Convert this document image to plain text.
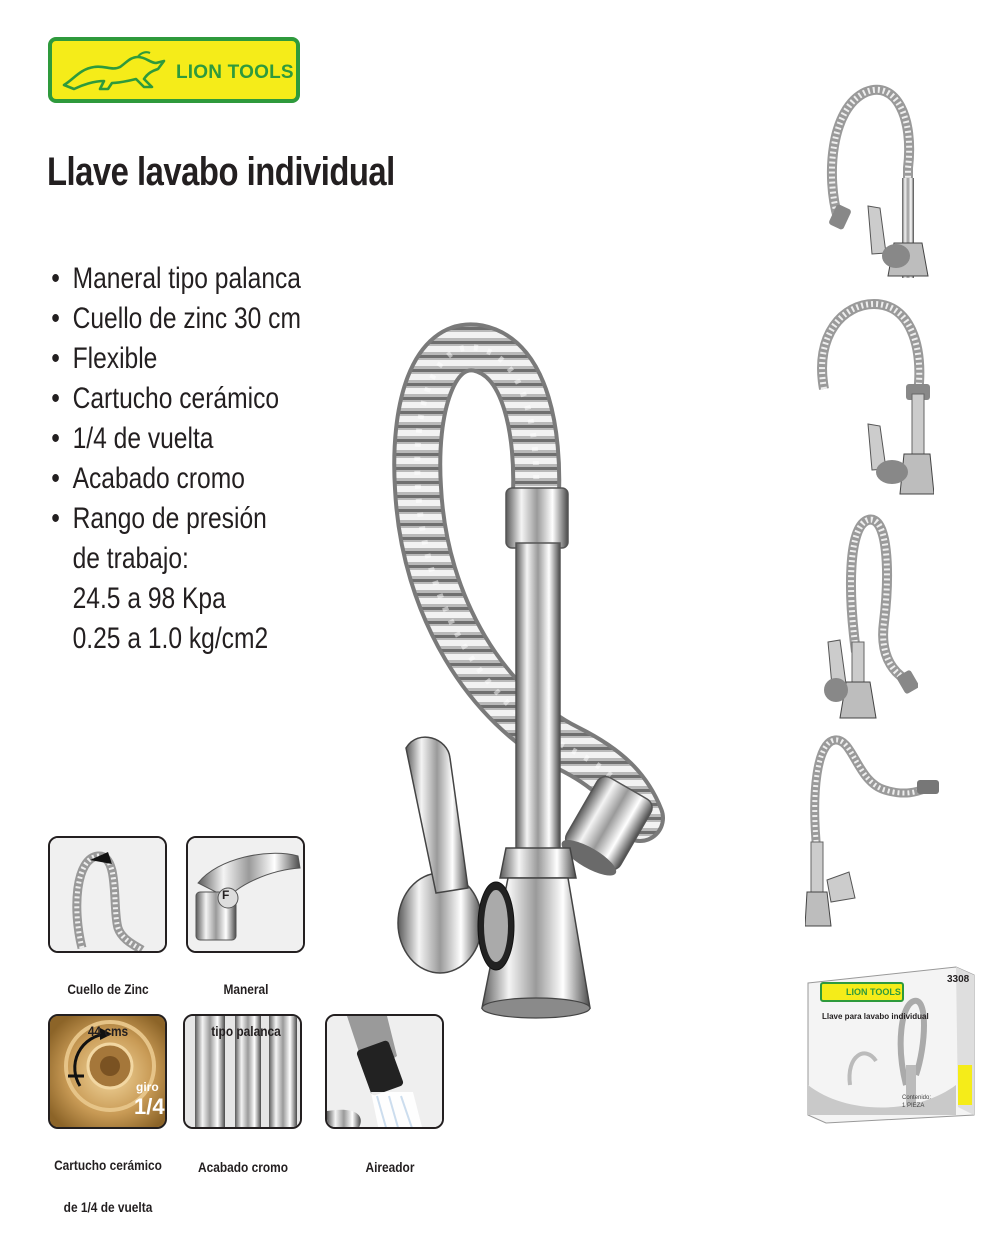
LION TOOLS
Llave lavabo individual
• Maneral tipo palanca
• Cuello de zinc 30 cm
• Flexible
• Cartucho cerámico
• 1/4 de vuelta
• Acabado cromo
• Rango de presión
de trabajo:
24.5 a 98 Kpa
0.25 a 1.0 kg/cm2
F
giro
1/4

Cuello de Zinc

44 cms

Maneral

tipo palanca

Cartucho cerámico

de 1/4 de vuelta

Acabado cromo	Aireador

3308
LION TOOLS
Llave para lavabo individual
Contenido:
1 PIEZA
